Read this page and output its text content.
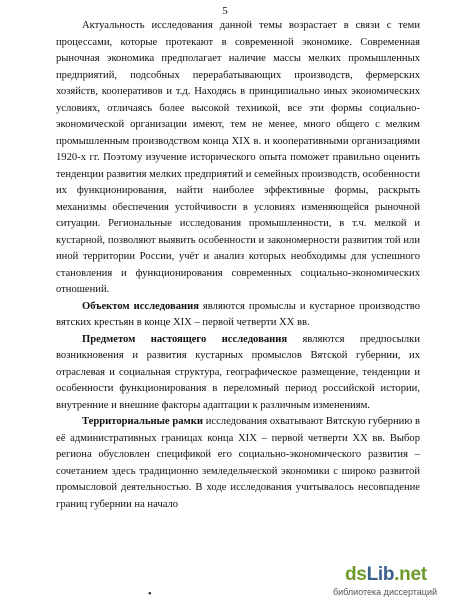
5

Актуальность исследования данной темы возрастает в связи с теми процессами, которые протекают в современной экономике. Современная рыночная экономика предполагает наличие массы мелких промышленных предприятий, подсобных перерабатывающих производств, фермерских хозяйств, кооперативов и т.д. Находясь в принципиально иных экономических условиях, отличаясь более высокой техникой, все эти формы социально-экономической организации имеют, тем не менее, много общего с мелким промышленным производством конца XIX в. и кооперативными организациями 1920-х гг. Поэтому изучение исторического опыта поможет правильно оценить тенденции развития мелких предприятий и семейных производств, особенности их функционирования, найти наиболее эффективные формы, раскрыть механизмы обеспечения устойчивости в условиях изменяющейся рыночной ситуации. Региональные исследования промышленности, в т.ч. мелкой и кустарной, позволяют выявить особенности и закономерности развития той или иной территории России, учёт и анализ которых необходимы для успешного становления и функционирования современных социально-экономических отношений.

Объектом исследования являются промыслы и кустарное производство вятских крестьян в конце XIX – первой четверти XX вв.

Предметом настоящего исследования являются предпосылки возникновения и развития кустарных промыслов Вятской губернии, их отраслевая и социальная структура, географическое размещение, тенденции и особенности функционирования в переломный период российской истории, внутренние и внешние факторы адаптации к различным изменениям.

Территориальные рамки исследования охватывают Вятскую губернию в её административных границах конца XIX – первой четверти XX вв. Выбор региона обусловлен спецификой его социально-экономического развития – сочетанием здесь традиционно земледельческой экономики с широко развитой промысловой деятельностью. В ходе исследования учитывалось несовпадение границ губернии на начало

•
dsLib.net
библиотека диссертаций
